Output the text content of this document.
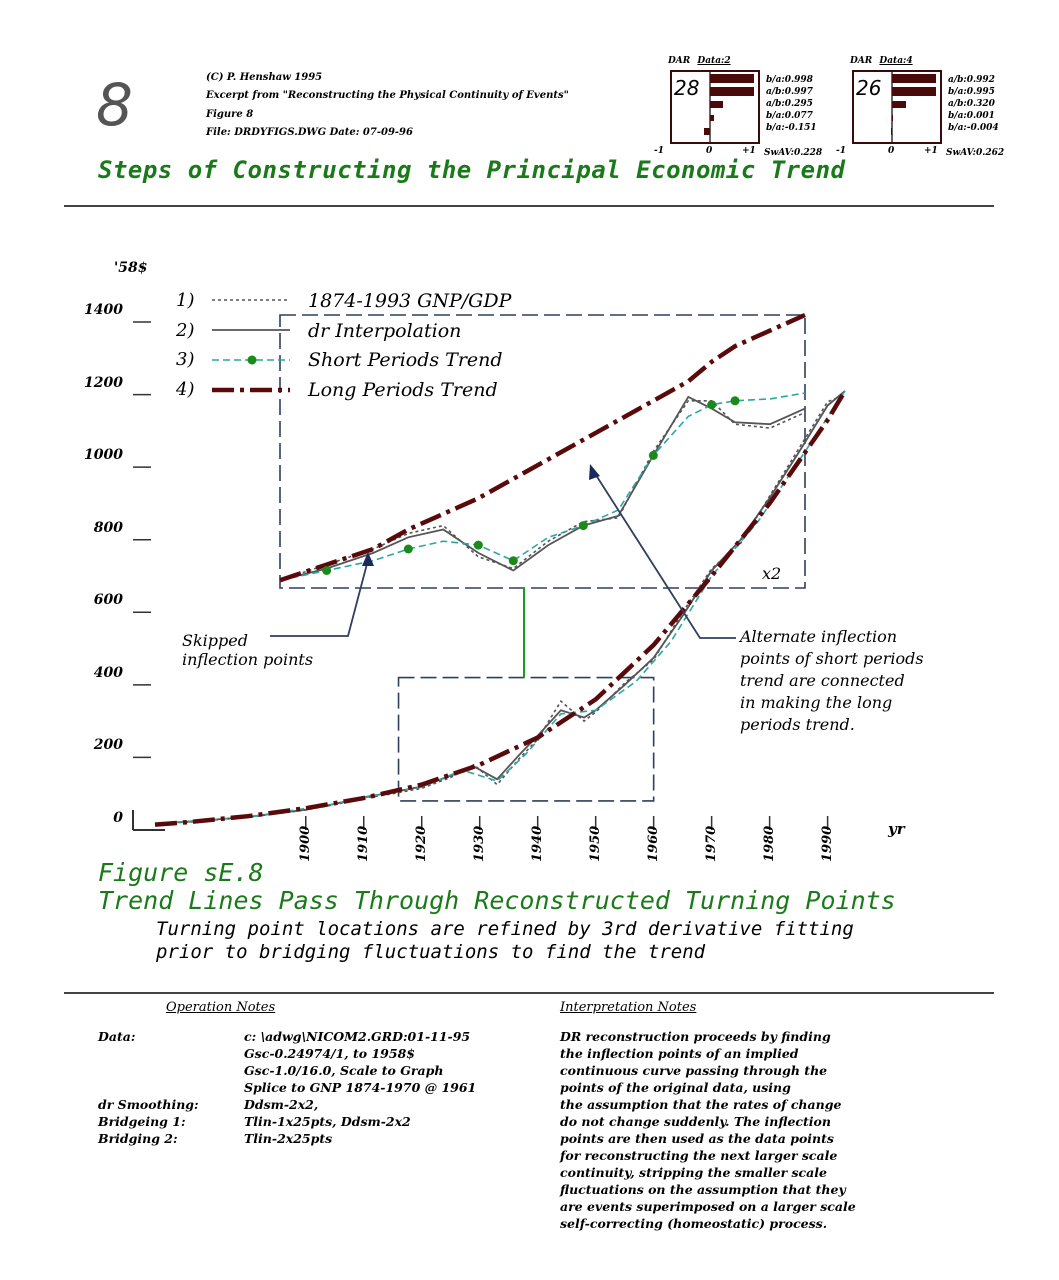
8	(C) P. Henshaw 1995
Excerpt from "Reconstructing the Physical Continuity of Events"
Figure 8
File: DRDYFIGS.DWG Date: 07-09-96
Steps of Constructing the Principal Economic Trend
DAR Data:2
28	b/a:0.998
a/b:0.997
a/b:0.295
b/a:0.077
b/a:-0.151
-1	0	+1 SwAV:0.228
DAR Data:4
26	a/b:0.992
b/a:0.995
a/b:0.320
b/a:0.001
b/a:-0.004
-1	0	+1 SwAV:0.262
'58$
yr
0
200
400
600
800
1000
1200
1400
1900	1910	1920	1930	1940	1950	1960	1970	1980	1990
1)	1874-1993 GNP/GDP
2)	dr Interpolation
3)	Short Periods Trend
4)	Long Periods Trend
x2
Skipped
inflection points
Alternate inflection
points of short periods
trend are connected
in making the long
periods trend.
Figure sE.8
Trend Lines Pass Through Reconstructed Turning Points
Turning point locations are refined by 3rd derivative fitting
prior to bridging fluctuations to find the trend
Operation Notes
Data:	c: \adwg\NICOM2.GRD:01-11-95
Gsc-0.24974/1, to 1958$
Gsc-1.0/16.0, Scale to Graph
Splice to GNP 1874-1970 @ 1961
dr Smoothing:	Ddsm-2x2,
Bridgeing 1:	Tlin-1x25pts, Ddsm-2x2
Bridging 2:	Tlin-2x25pts
Interpretation Notes
DR reconstruction proceeds by finding
the inflection points of an implied
continuous curve passing through the
points of the original data, using
the assumption that the rates of change
do not change suddenly. The inflection
points are then used as the data points
for reconstructing the next larger scale
continuity, stripping the smaller scale
fluctuations on the assumption that they
are events superimposed on a larger scale
self-correcting (homeostatic) process.
